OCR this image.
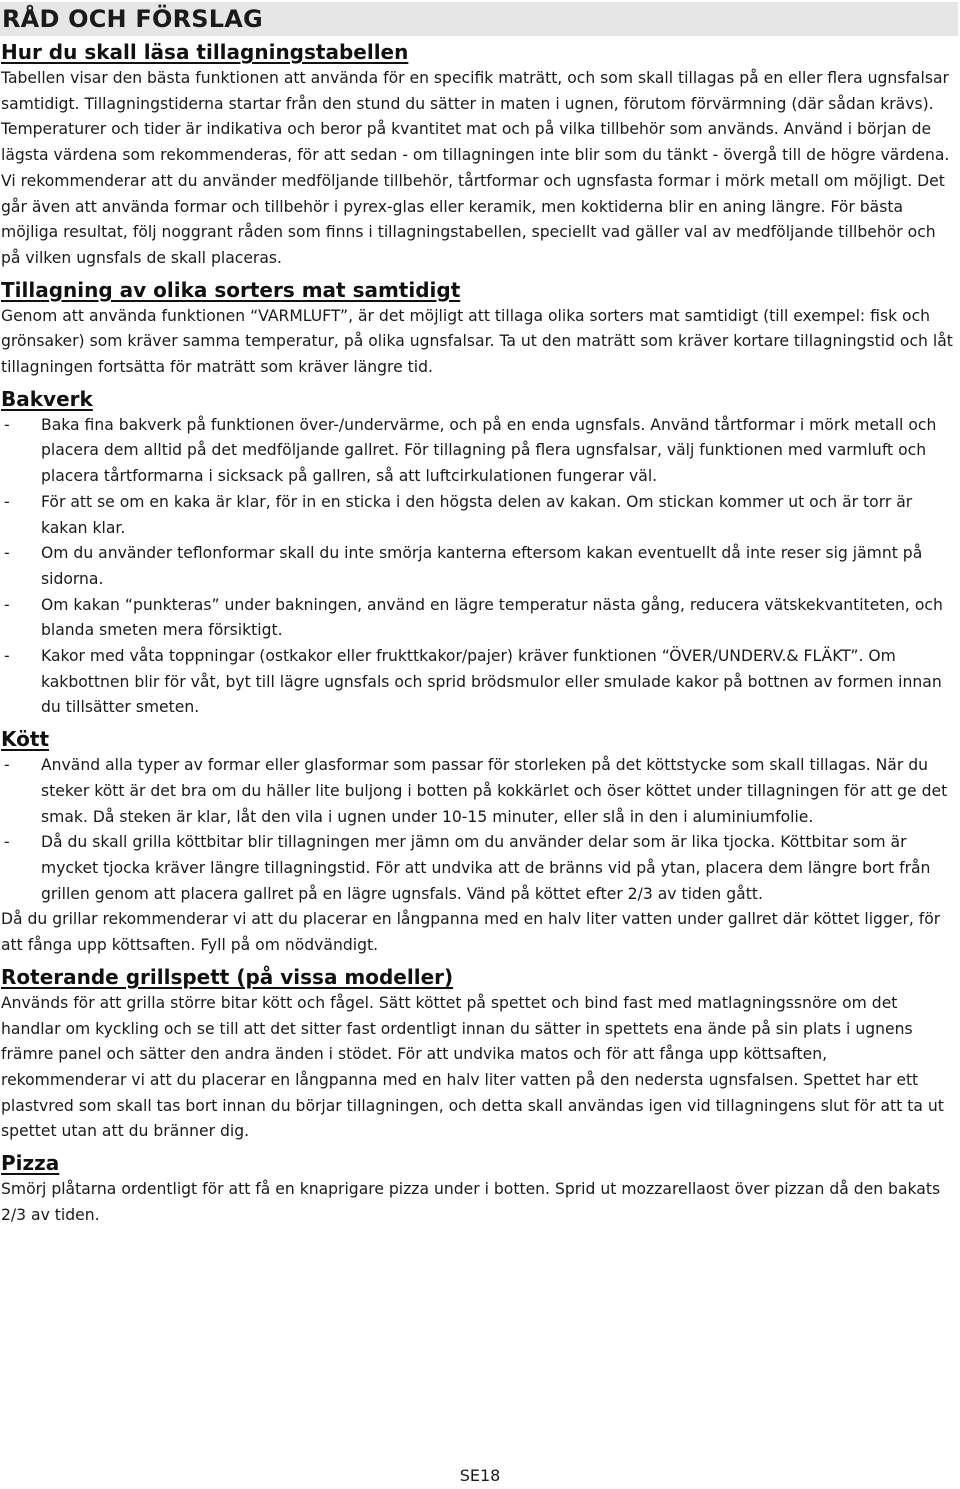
RÅD OCH FÖRSLAG
Hur du skall läsa tillagningstabellen

Tabellen visar den bästa funktionen att använda för en specifik maträtt, och som skall tillagas på en eller flera ugnsfalsar samtidigt. Tillagningstiderna startar från den stund du sätter in maten i ugnen, förutom förvärmning (där sådan krävs). Temperaturer och tider är indikativa och beror på kvantitet mat och på vilka tillbehör som används. Använd i början de lägsta värdena som rekommenderas, för att sedan - om tillagningen inte blir som du tänkt - övergå till de högre värdena. Vi rekommenderar att du använder medföljande tillbehör, tårtformar och ugnsfasta formar i mörk metall om möjligt. Det går även att använda formar och tillbehör i pyrex-glas eller keramik, men koktiderna blir en aning längre. För bästa möjliga resultat, följ noggrant råden som finns i tillagningstabellen, speciellt vad gäller val av medföljande tillbehör och på vilken ugnsfals de skall placeras.

Tillagning av olika sorters mat samtidigt

Genom att använda funktionen “VARMLUFT”, är det möjligt att tillaga olika sorters mat samtidigt (till exempel: fisk och grönsaker) som kräver samma temperatur, på olika ugnsfalsar. Ta ut den maträtt som kräver kortare tillagningstid och låt tillagningen fortsätta för maträtt som kräver längre tid.

Bakverk
- Baka fina bakverk på funktionen över-/undervärme, och på en enda ugnsfals. Använd tårtformar i mörk metall och placera dem alltid på det medföljande gallret. För tillagning på flera ugnsfalsar, välj funktionen med varmluft och placera tårtformarna i sicksack på gallren, så att luftcirkulationen fungerar väl.
- För att se om en kaka är klar, för in en sticka i den högsta delen av kakan. Om stickan kommer ut och är torr är kakan klar.
- Om du använder teflonformar skall du inte smörja kanterna eftersom kakan eventuellt då inte reser sig jämnt på sidorna.
- Om kakan “punkteras” under bakningen, använd en lägre temperatur nästa gång, reducera vätskekvantiteten, och blanda smeten mera försiktigt.
- Kakor med våta toppningar (ostkakor eller frukttkakor/pajer) kräver funktionen “ÖVER/UNDERV.& FLÄKT”. Om kakbottnen blir för våt, byt till lägre ugnsfals och sprid brödsmulor eller smulade kakor på bottnen av formen innan du tillsätter smeten.
Kött
- Använd alla typer av formar eller glasformar som passar för storleken på det köttstycke som skall tillagas. När du steker kött är det bra om du häller lite buljong i botten på kokkärlet och öser köttet under tillagningen för att ge det smak. Då steken är klar, låt den vila i ugnen under 10-15 minuter, eller slå in den i aluminiumfolie.
- Då du skall grilla köttbitar blir tillagningen mer jämn om du använder delar som är lika tjocka. Köttbitar som är mycket tjocka kräver längre tillagningstid. För att undvika att de bränns vid på ytan, placera dem längre bort från grillen genom att placera gallret på en lägre ugnsfals. Vänd på köttet efter 2/3 av tiden gått.

Då du grillar rekommenderar vi att du placerar en långpanna med en halv liter vatten under gallret där köttet ligger, för att fånga upp köttsaften. Fyll på om nödvändigt.

Roterande grillspett (på vissa modeller)

Används för att grilla större bitar kött och fågel. Sätt köttet på spettet och bind fast med matlagningssnöre om det handlar om kyckling och se till att det sitter fast ordentligt innan du sätter in spettets ena ände på sin plats i ugnens främre panel och sätter den andra änden i stödet. För att undvika matos och för att fånga upp köttsaften, rekommenderar vi att du placerar en långpanna med en halv liter vatten på den nedersta ugnsfalsen. Spettet har ett plastvred som skall tas bort innan du börjar tillagningen, och detta skall användas igen vid tillagningens slut för att ta ut spettet utan att du bränner dig.

Pizza

Smörj plåtarna ordentligt för att få en knaprigare pizza under i botten. Sprid ut mozzarellaost över pizzan då den bakats 2/3 av tiden.

SE18
